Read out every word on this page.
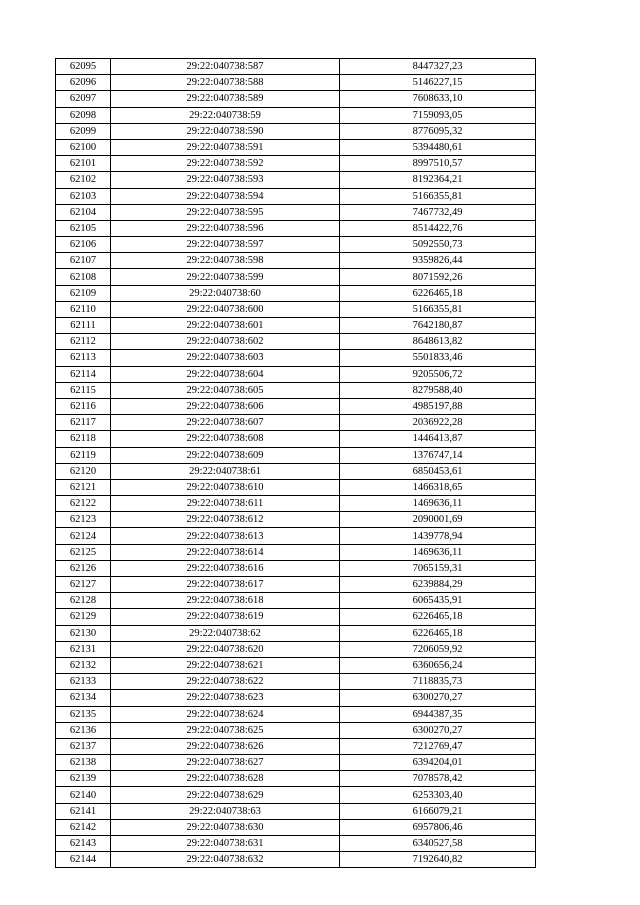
62095	29:22:040738:587	8447327,23
62096	29:22:040738:588	5146227,15
62097	29:22:040738:589	7608633,10
62098	29:22:040738:59	7159093,05
62099	29:22:040738:590	8776095,32
62100	29:22:040738:591	5394480,61
62101	29:22:040738:592	8997510,57
62102	29:22:040738:593	8192364,21
62103	29:22:040738:594	5166355,81
62104	29:22:040738:595	7467732,49
62105	29:22:040738:596	8514422,76
62106	29:22:040738:597	5092550,73
62107	29:22:040738:598	9359826,44
62108	29:22:040738:599	8071592,26
62109	29:22:040738:60	6226465,18
62110	29:22:040738:600	5166355,81
62111	29:22:040738:601	7642180,87
62112	29:22:040738:602	8648613,82
62113	29:22:040738:603	5501833,46
62114	29:22:040738:604	9205506,72
62115	29:22:040738:605	8279588,40
62116	29:22:040738:606	4985197,88
62117	29:22:040738:607	2036922,28
62118	29:22:040738:608	1446413,87
62119	29:22:040738:609	1376747,14
62120	29:22:040738:61	6850453,61
62121	29:22:040738:610	1466318,65
62122	29:22:040738:611	1469636,11
62123	29:22:040738:612	2090001,69
62124	29:22:040738:613	1439778,94
62125	29:22:040738:614	1469636,11
62126	29:22:040738:616	7065159,31
62127	29:22:040738:617	6239884,29
62128	29:22:040738:618	6065435,91
62129	29:22:040738:619	6226465,18
62130	29:22:040738:62	6226465,18
62131	29:22:040738:620	7206059,92
62132	29:22:040738:621	6360656,24
62133	29:22:040738:622	7118835,73
62134	29:22:040738:623	6300270,27
62135	29:22:040738:624	6944387,35
62136	29:22:040738:625	6300270,27
62137	29:22:040738:626	7212769,47
62138	29:22:040738:627	6394204,01
62139	29:22:040738:628	7078578,42
62140	29:22:040738:629	6253303,40
62141	29:22:040738:63	6166079,21
62142	29:22:040738:630	6957806,46
62143	29:22:040738:631	6340527,58
62144	29:22:040738:632	7192640,82
